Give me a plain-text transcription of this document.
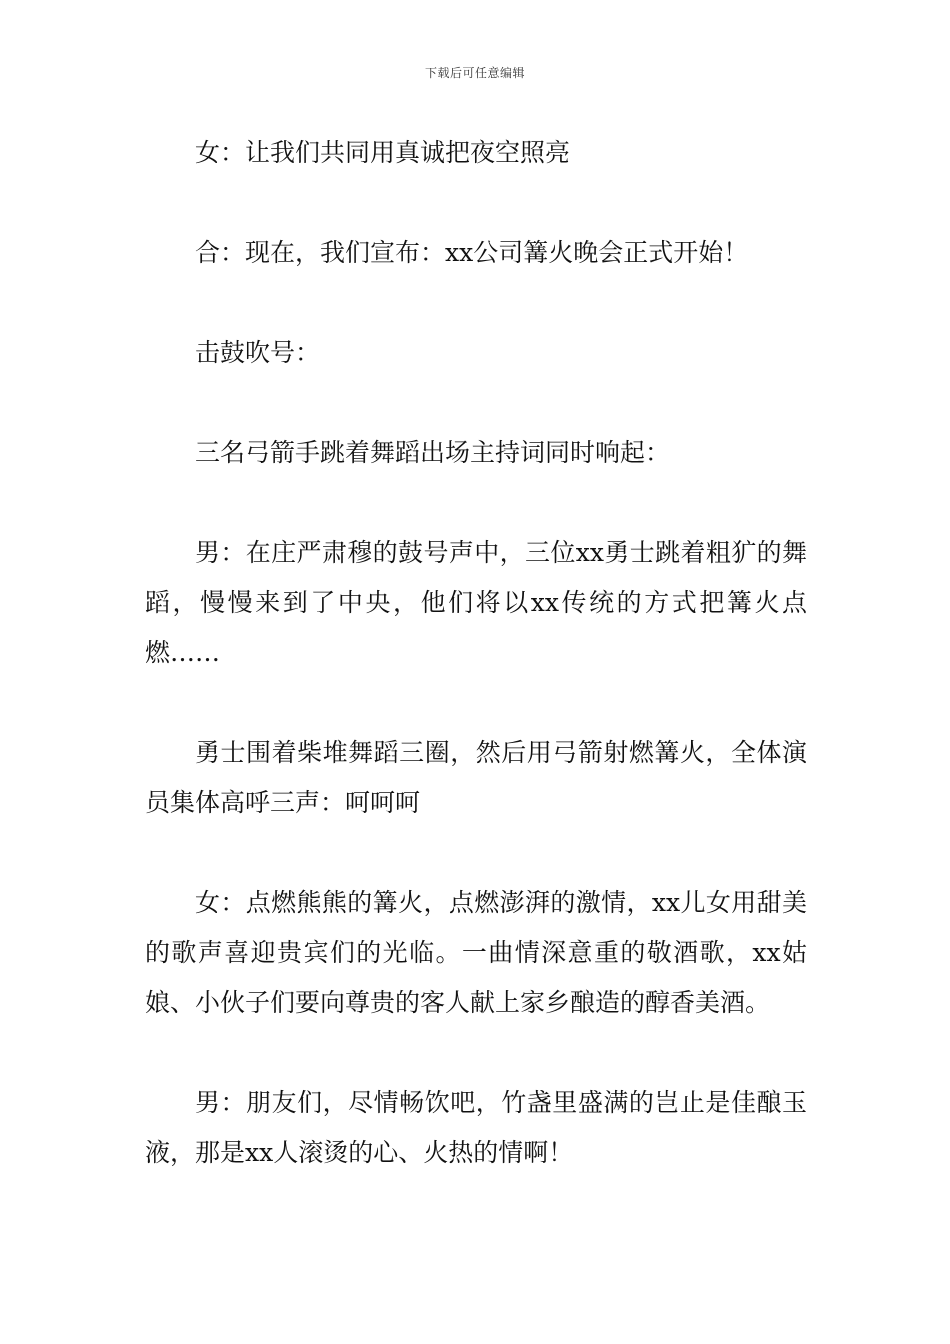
下载后可任意编辑

女：让我们共同用真诚把夜空照亮

合：现在，我们宣布：xx公司篝火晚会正式开始！

击鼓吹号：

三名弓箭手跳着舞蹈出场主持词同时响起：

男：在庄严肃穆的鼓号声中，三位xx勇士跳着粗犷的舞蹈，慢慢来到了中央，他们将以xx传统的方式把篝火点燃……

勇士围着柴堆舞蹈三圈，然后用弓箭射燃篝火，全体演员集体高呼三声：呵呵呵

女：点燃熊熊的篝火，点燃澎湃的激情，xx儿女用甜美的歌声喜迎贵宾们的光临。一曲情深意重的敬酒歌，xx姑娘、小伙子们要向尊贵的客人献上家乡酿造的醇香美酒。

男：朋友们，尽情畅饮吧，竹盏里盛满的岂止是佳酿玉液，那是xx人滚烫的心、火热的情啊！
